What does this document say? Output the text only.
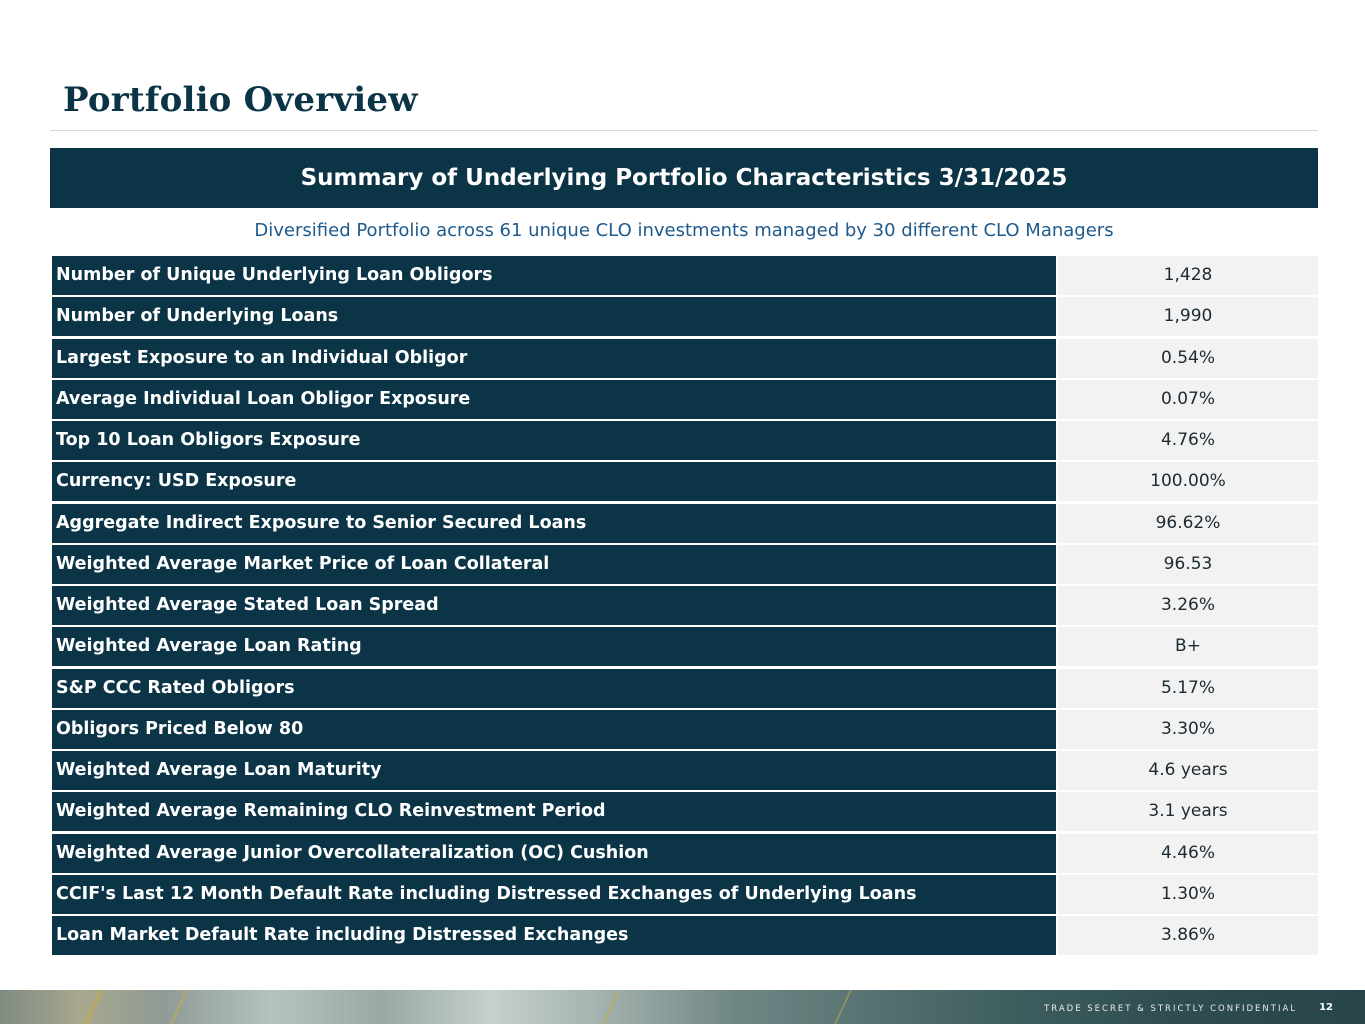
Portfolio Overview
Summary of Underlying Portfolio Characteristics 3/31/2025
Diversified Portfolio across 61 unique CLO investments managed by 30 different CLO Managers
Number of Unique Underlying Loan Obligors	1,428
Number of Underlying Loans	1,990
Largest Exposure to an Individual Obligor	0.54%
Average Individual Loan Obligor Exposure	0.07%
Top 10 Loan Obligors Exposure	4.76%
Currency: USD Exposure	100.00%
Aggregate Indirect Exposure to Senior Secured Loans	96.62%
Weighted Average Market Price of Loan Collateral	96.53
Weighted Average Stated Loan Spread	3.26%
Weighted Average Loan Rating	B+
S&P CCC Rated Obligors	5.17%
Obligors Priced Below 80	3.30%
Weighted Average Loan Maturity	4.6 years
Weighted Average Remaining CLO Reinvestment Period	3.1 years
Weighted Average Junior Overcollateralization (OC) Cushion	4.46%
CCIF's Last 12 Month Default Rate including Distressed Exchanges of Underlying Loans	1.30%
Loan Market Default Rate including Distressed Exchanges	3.86%
TRADE SECRET & STRICTLY CONFIDENTIAL 12
